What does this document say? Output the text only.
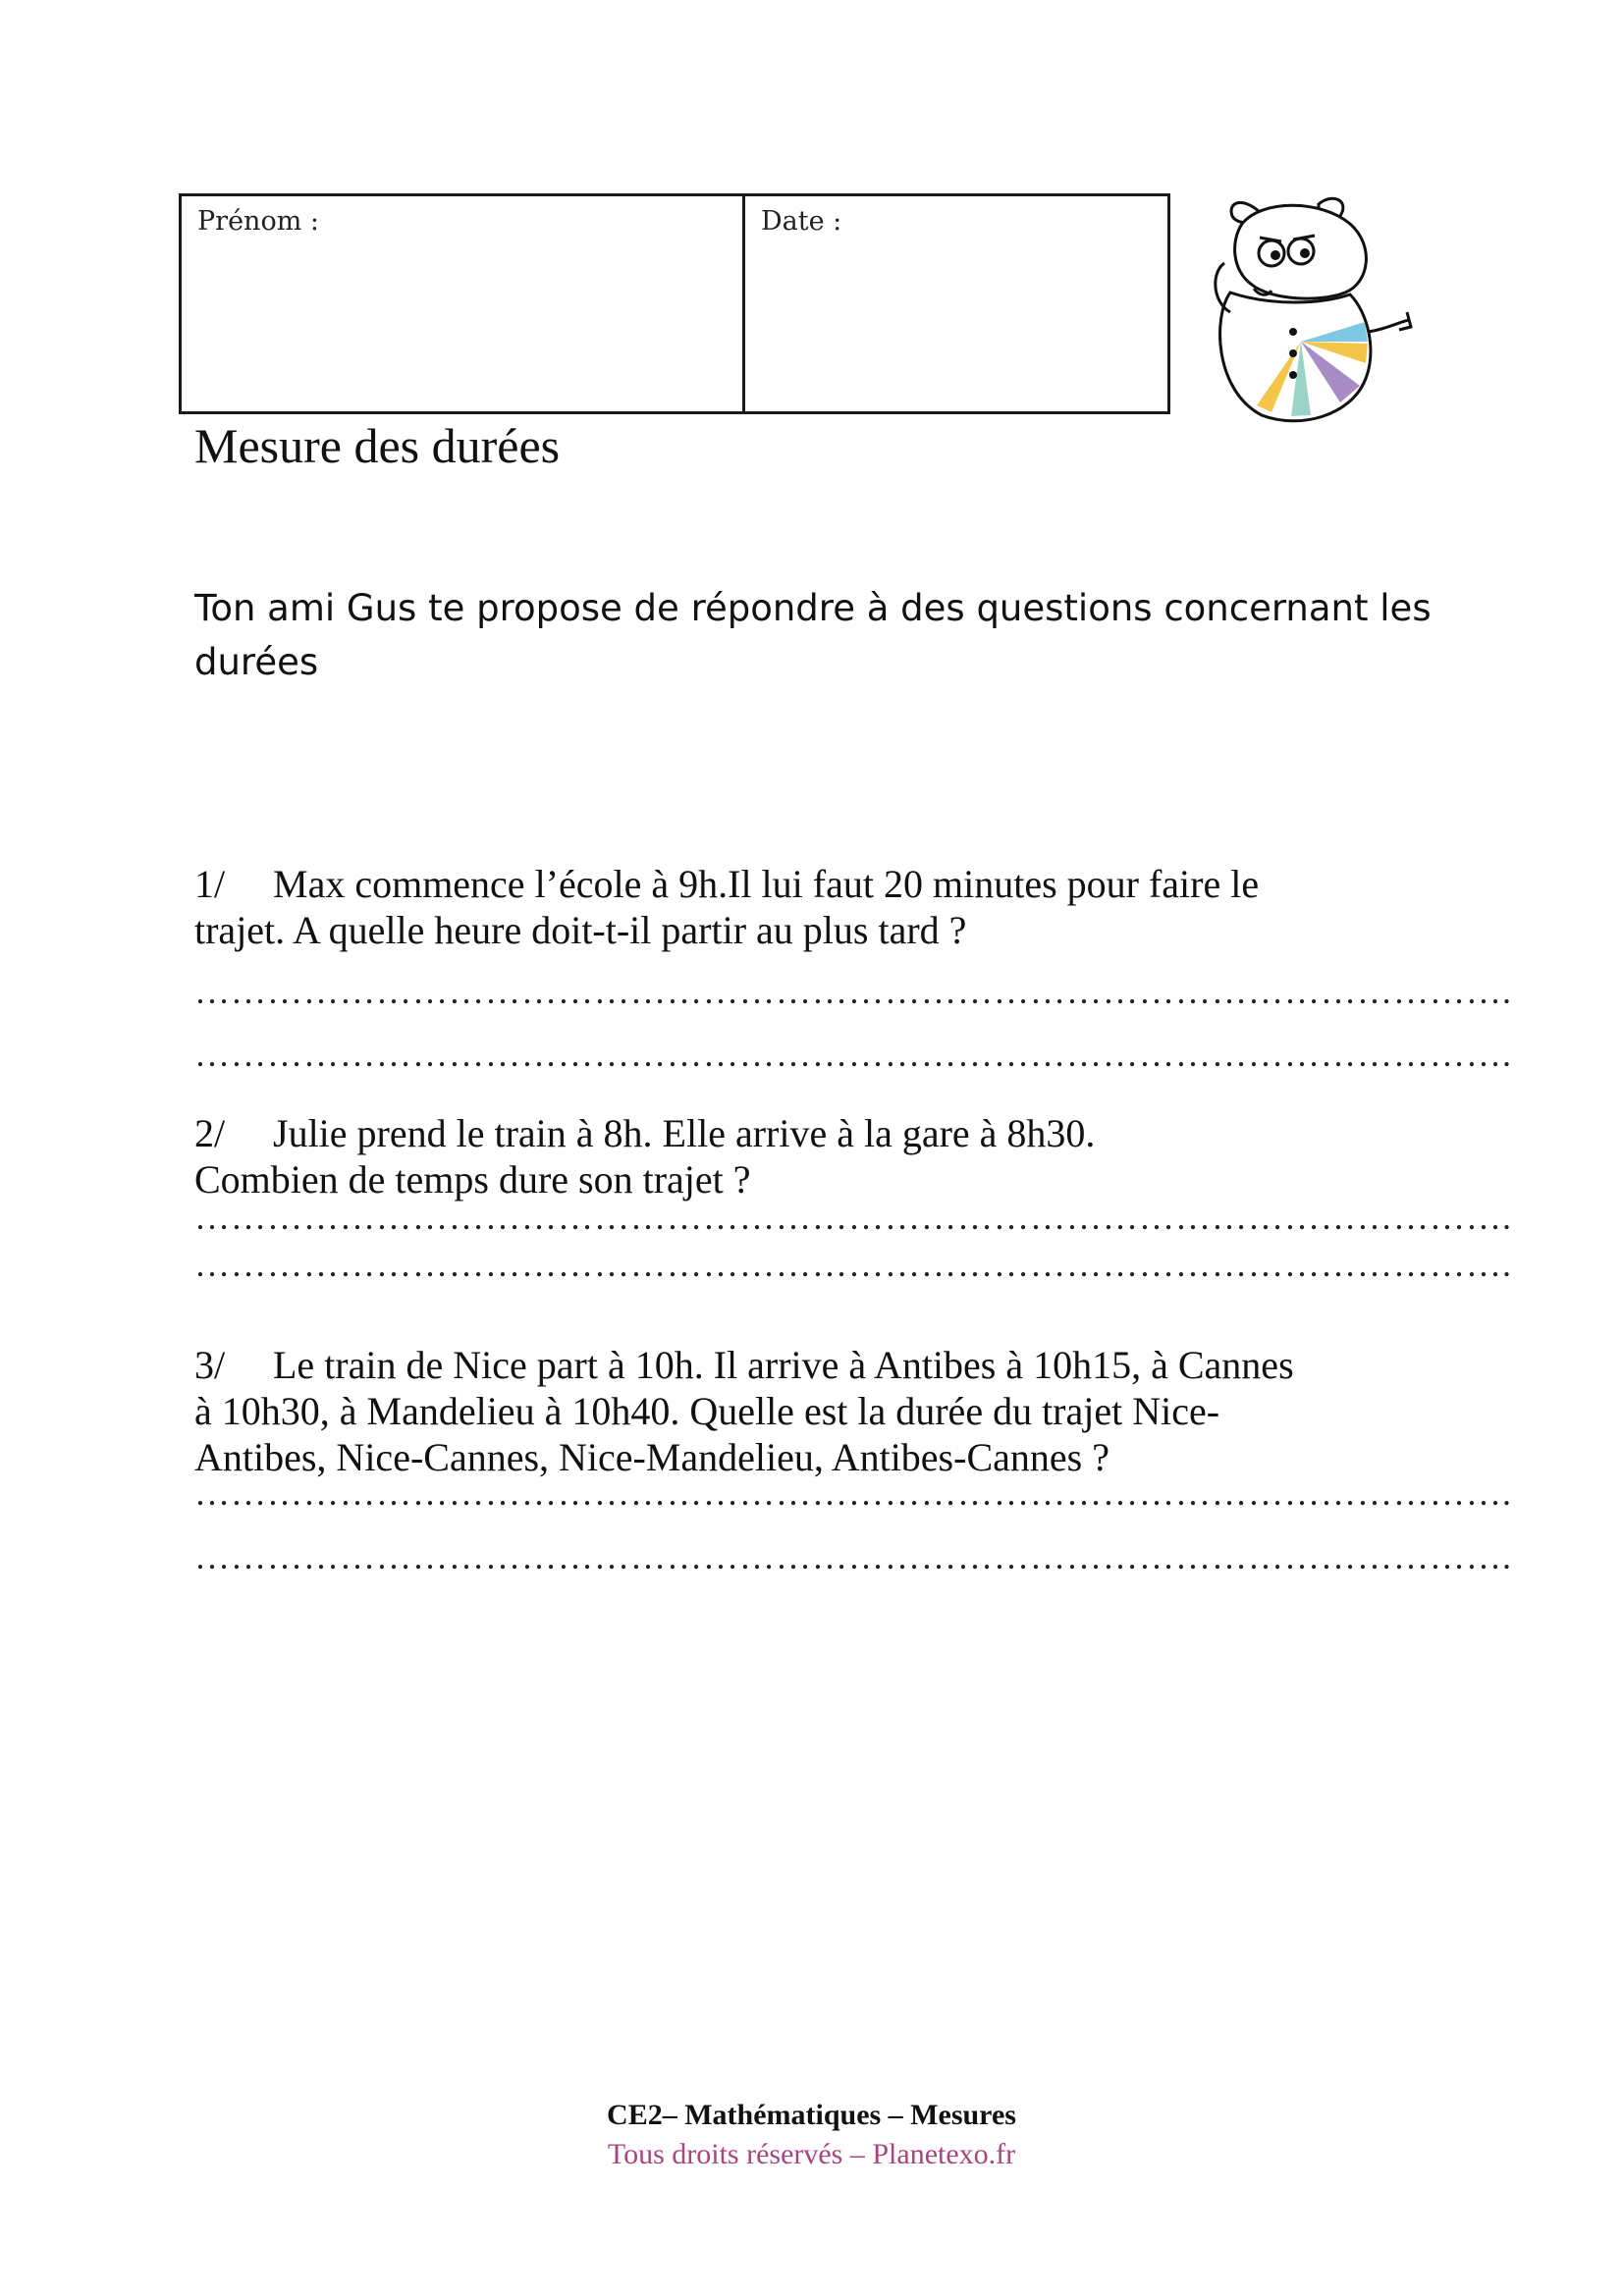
Prénom :	Date :
Mesure des durées
Ton ami Gus te propose de répondre à des questions concernant les
durées
1/ Max commence l’école à 9h.Il lui faut 20 minutes pour faire le
trajet. A quelle heure doit-t-il partir au plus tard ?
……………………………………………………………………………………………….
……………………………………………………………………………………………….
2/ Julie prend le train à 8h. Elle arrive à la gare à 8h30.
Combien de temps dure son trajet ?
……………………………………………………………………………………………….
……………………………………………………………………………………………….
3/ Le train de Nice part à 10h. Il arrive à Antibes à 10h15, à Cannes
à 10h30, à Mandelieu à 10h40. Quelle est la durée du trajet Nice-
Antibes, Nice-Cannes, Nice-Mandelieu, Antibes-Cannes ?
……………………………………………………………………………………………….
……………………………………………………………………………………………….
CE2– Mathématiques – Mesures
Tous droits réservés – Planetexo.fr
